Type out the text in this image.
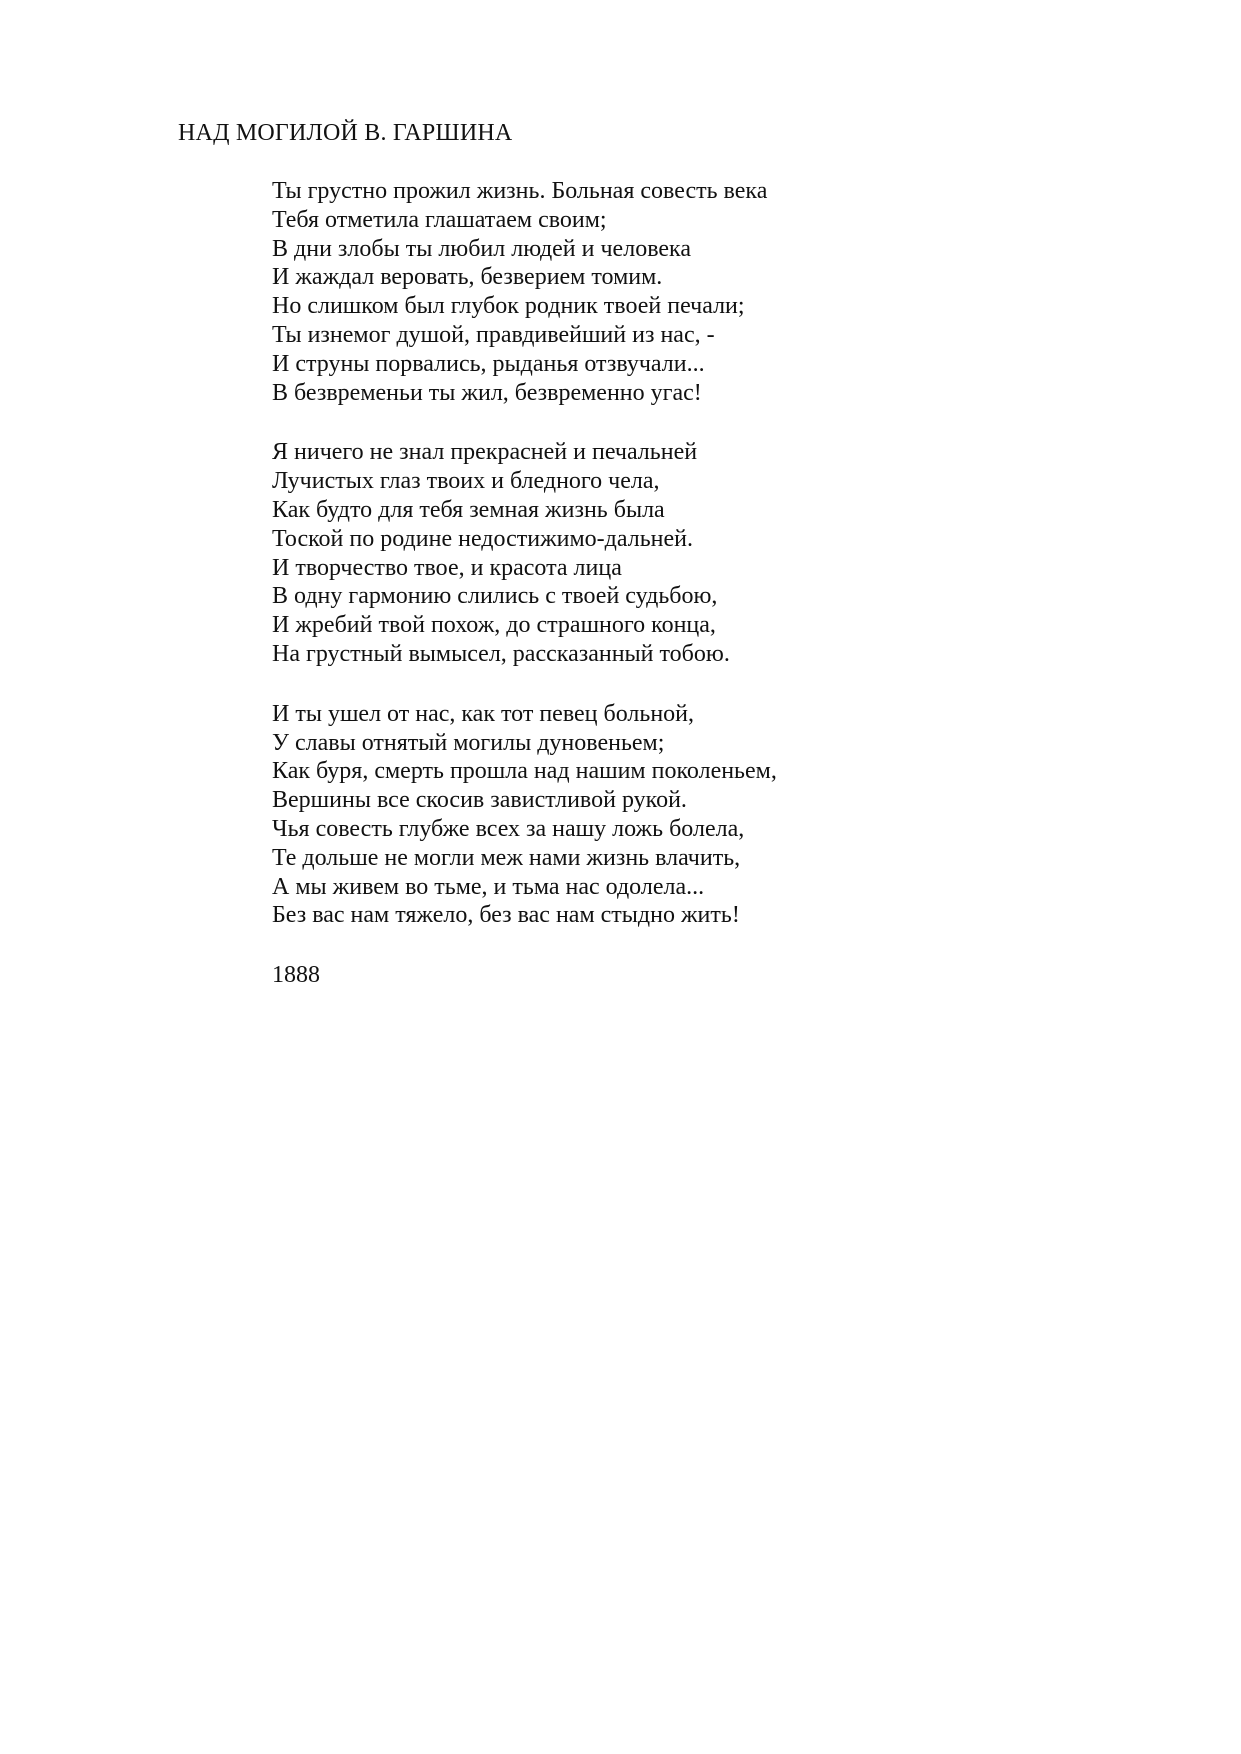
НАД МОГИЛОЙ В. ГАРШИНА
Ты грустно прожил жизнь. Больная совесть века
Тебя отметила глашатаем своим;
В дни злобы ты любил людей и человека
И жаждал веровать, безверием томим.
Но слишком был глубок родник твоей печали;
Ты изнемог душой, правдивейший из нас, -
И струны порвались, рыданья отзвучали...
В безвременьи ты жил, безвременно угас!
Я ничего не знал прекрасней и печальней
Лучистых глаз твоих и бледного чела,
Как будто для тебя земная жизнь была
Тоской по родине недостижимо-дальней.
И творчество твое, и красота лица
В одну гармонию слились с твоей судьбою,
И жребий твой похож, до страшного конца,
На грустный вымысел, рассказанный тобою.
И ты ушел от нас, как тот певец больной,
У славы отнятый могилы дуновеньем;
Как буря, смерть прошла над нашим поколеньем,
Вершины все скосив завистливой рукой.
Чья совесть глубже всех за нашу ложь болела,
Те дольше не могли меж нами жизнь влачить,
А мы живем во тьме, и тьма нас одолела...
Без вас нам тяжело, без вас нам стыдно жить!
1888
